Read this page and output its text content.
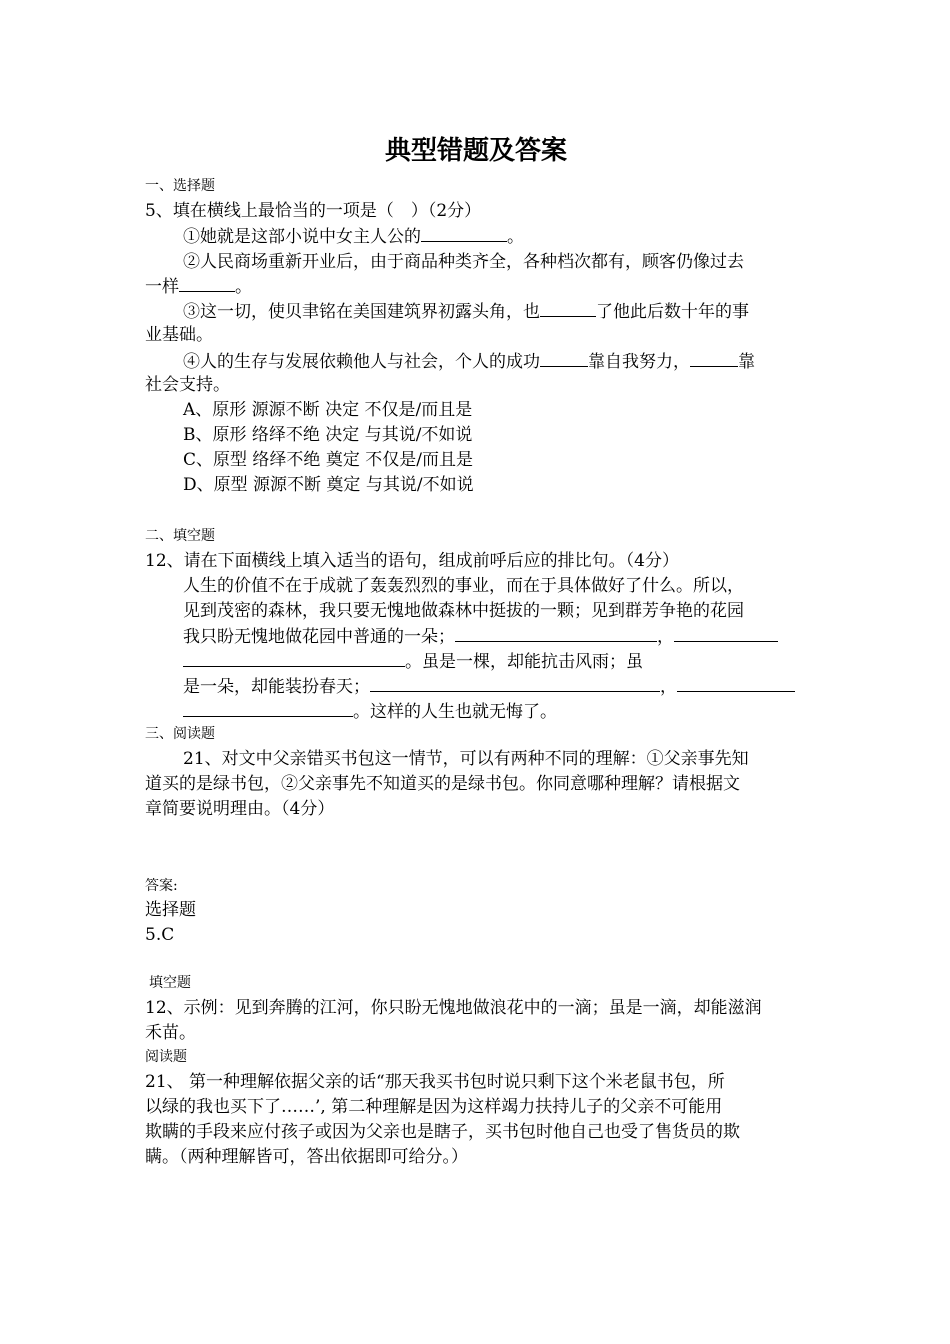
典型错题及答案
一、选择题
5、填在横线上最恰当的一项是（　）（2分）
①她就是这部小说中女主人公的	。
②人民商场重新开业后，由于商品种类齐全，各种档次都有，顾客仍像过去
一样	。
③这一切，使贝聿铭在美国建筑界初露头角，也	了他此后数十年的事
业基础。
④人的生存与发展依赖他人与社会，个人的成功	靠自我努力，	靠
社会支持。
A、原形 源源不断 决定 不仅是/而且是
B、原形 络绎不绝 决定 与其说/不如说
C、原型 络绎不绝 奠定 不仅是/而且是
D、原型 源源不断 奠定 与其说/不如说
二、填空题
12、请在下面横线上填入适当的语句，组成前呼后应的排比句。（4分）
人生的价值不在于成就了轰轰烈烈的事业，而在于具体做好了什么。所以，
见到茂密的森林，我只要无愧地做森林中挺拔的一颗；见到群芳争艳的花园
我只盼无愧地做花园中普通的一朵；	，
。虽是一棵，却能抗击风雨；虽
是一朵，却能装扮春天；	，
。这样的人生也就无悔了。
三、阅读题
21、对文中父亲错买书包这一情节，可以有两种不同的理解：①父亲事先知
道买的是绿书包，②父亲事先不知道买的是绿书包。你同意哪种理解？请根据文
章简要说明理由。（4分）
答案:
选择题
5.C
填空题
12、示例：见到奔腾的江河，你只盼无愧地做浪花中的一滴；虽是一滴，却能滋润
禾苗。
阅读题
21、 第一种理解依据父亲的话“那天我买书包时说只剩下这个米老鼠书包，所
以绿的我也买下了……’, 第二种理解是因为这样竭力扶持儿子的父亲不可能用
欺瞒的手段来应付孩子或因为父亲也是瞎子，买书包时他自己也受了售货员的欺
瞒。（两种理解皆可，答出依据即可给分。）
